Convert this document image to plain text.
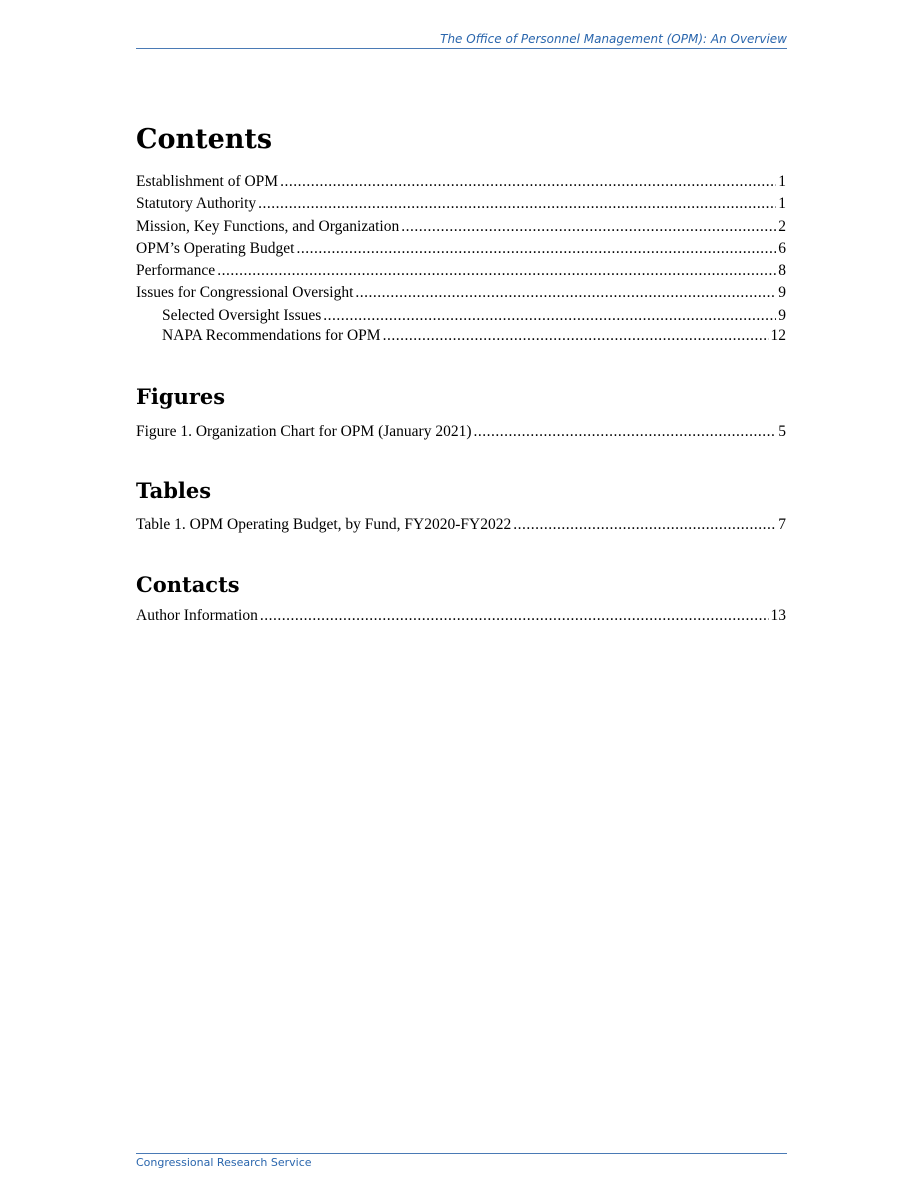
The Office of Personnel Management (OPM): An Overview
Contents
Establishment of OPM .....	1
Statutory Authority .....	1
Mission, Key Functions, and Organization .....	2
OPM’s Operating Budget .....	6
Performance .....	8
Issues for Congressional Oversight .....	9
Selected Oversight Issues .....	9
NAPA Recommendations for OPM .....	12
Figures
Figure 1. Organization Chart for OPM (January 2021) .....	5
Tables
Table 1. OPM Operating Budget, by Fund, FY2020-FY2022 .....	7
Contacts
Author Information .....	13
Congressional Research Service
